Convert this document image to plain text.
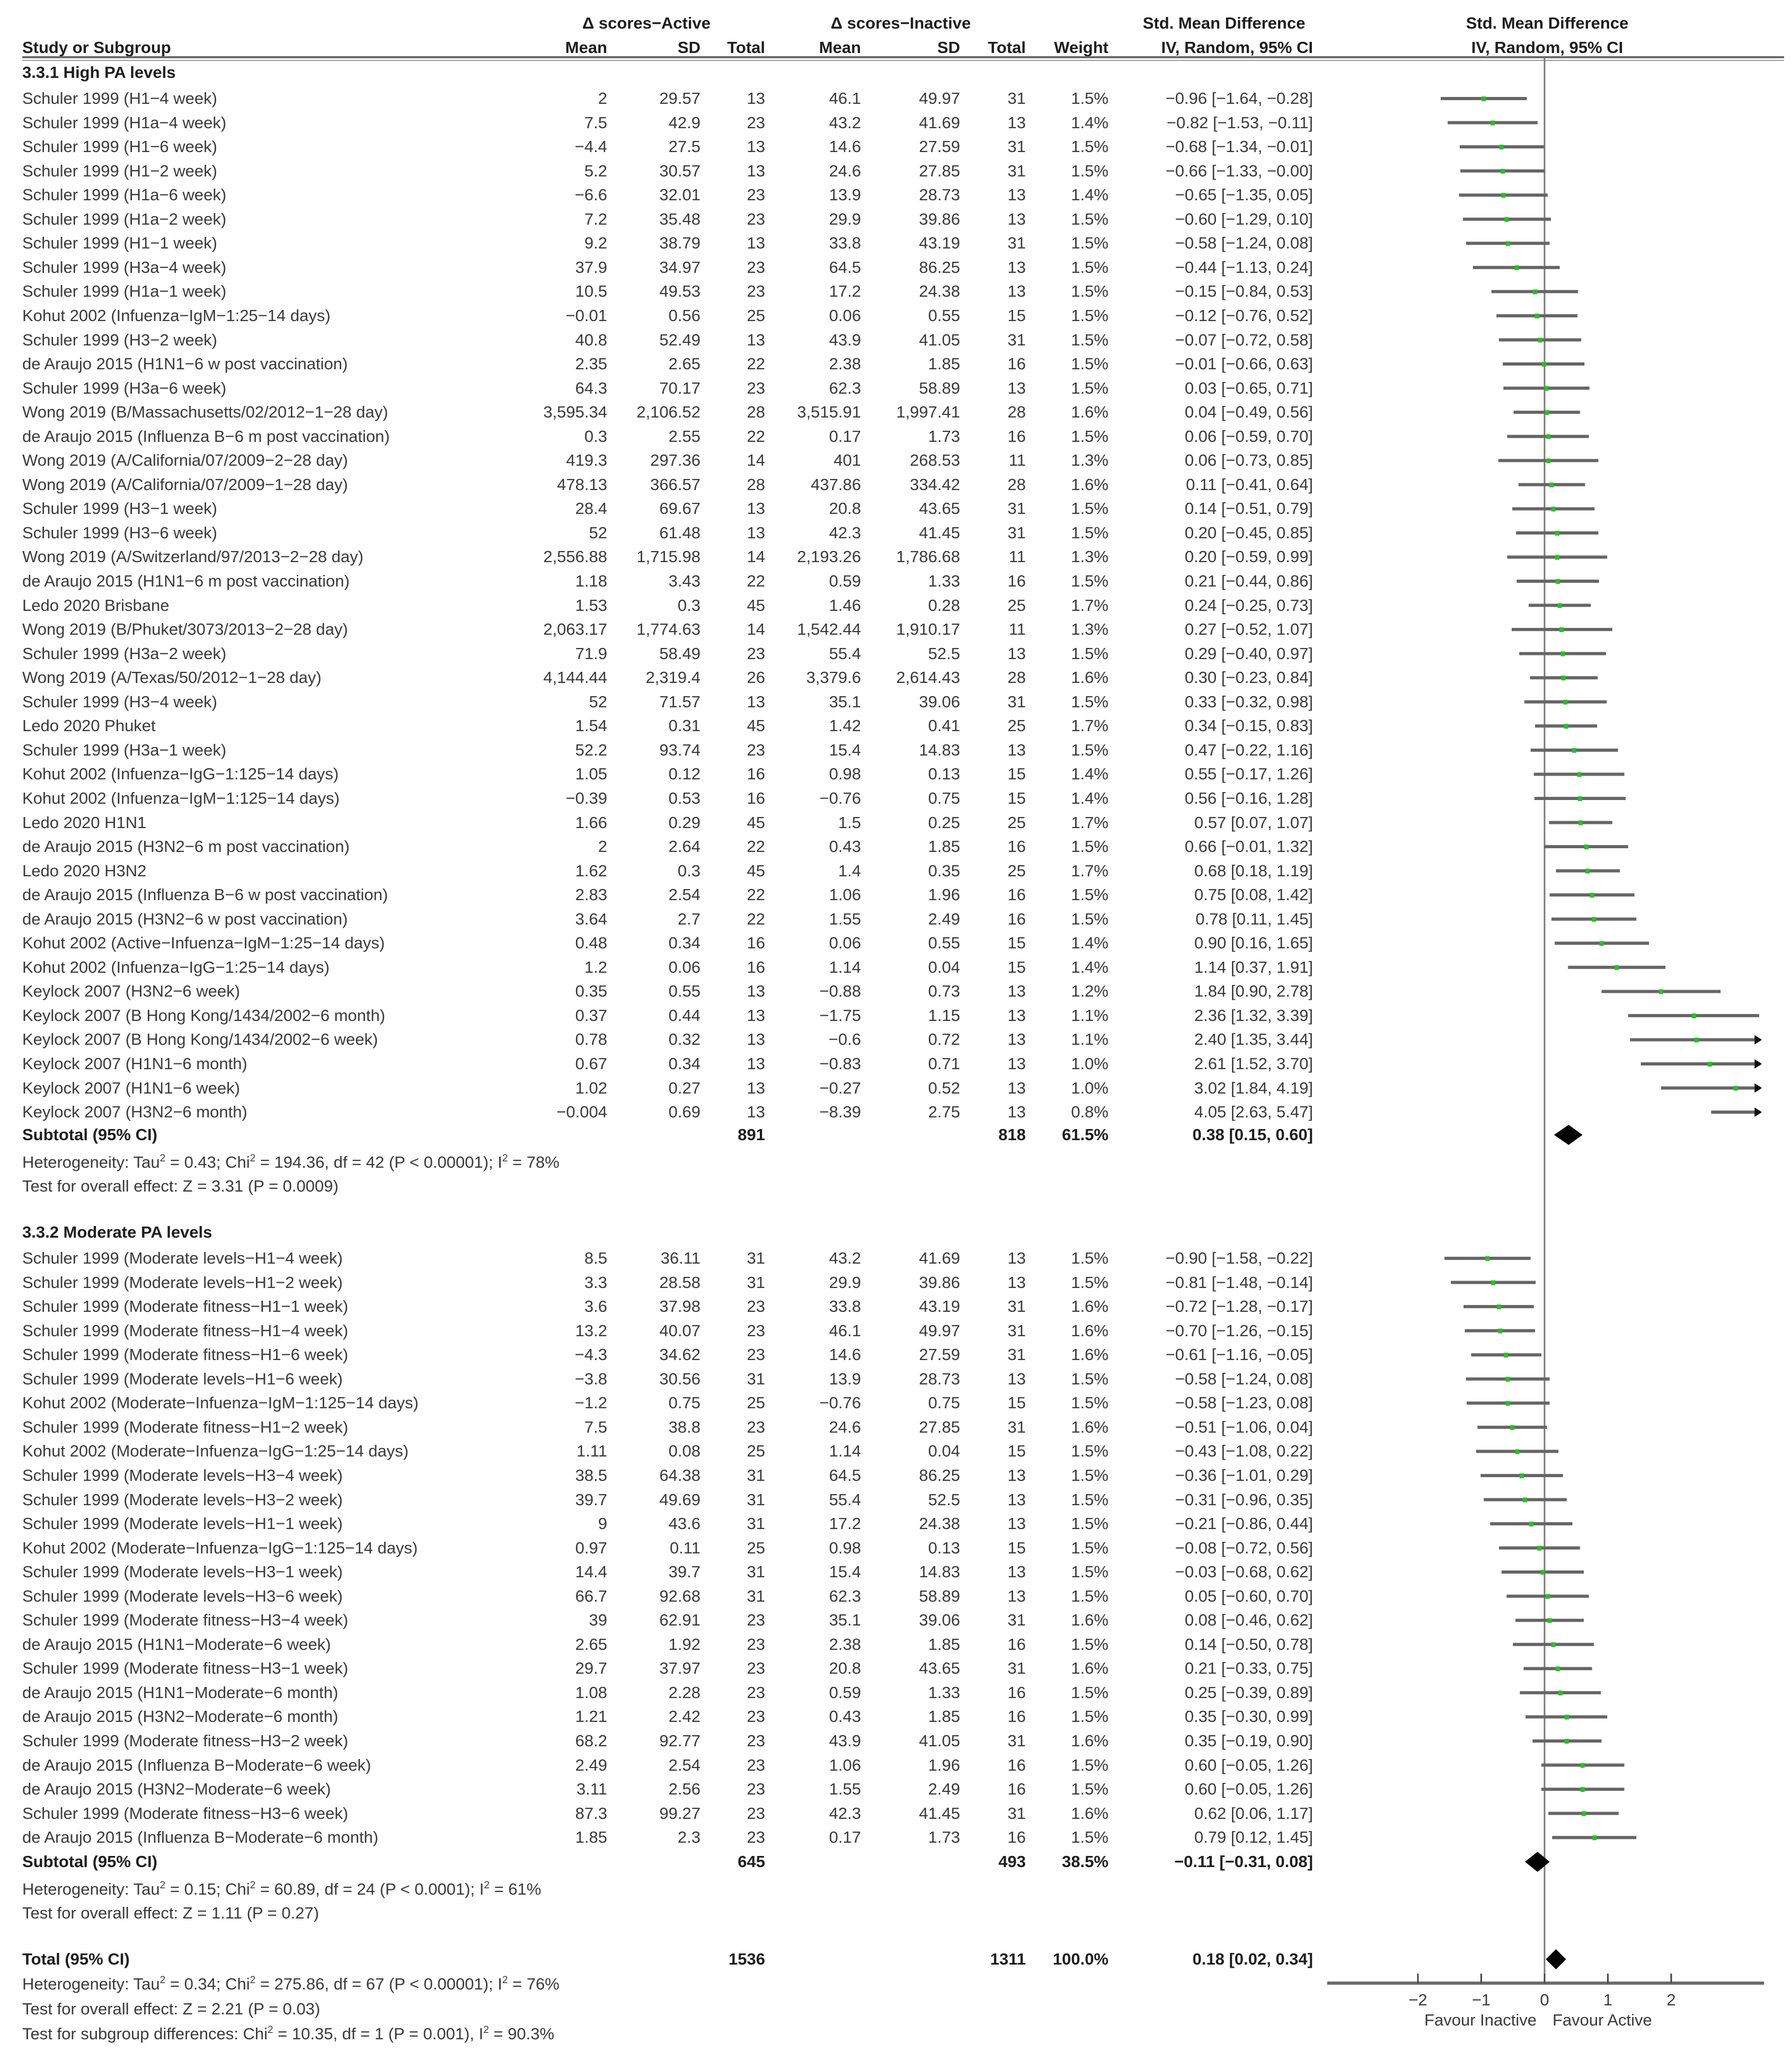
Δ scores−Active	Δ scores−Inactive	Std. Mean Difference	Std. Mean Difference
Study or Subgroup	Mean	SD	Total	Mean	SD	Total	Weight	IV, Random, 95% CI	IV, Random, 95% CI
3.3.1 High PA levels
Schuler 1999 (H1−4 week)	2	29.57	13	46.1	49.97	31	1.5%	−0.96 [−1.64, −0.28]
Schuler 1999 (H1a−4 week)	7.5	42.9	23	43.2	41.69	13	1.4%	−0.82 [−1.53, −0.11]
Schuler 1999 (H1−6 week)	−4.4	27.5	13	14.6	27.59	31	1.5%	−0.68 [−1.34, −0.01]
Schuler 1999 (H1−2 week)	5.2	30.57	13	24.6	27.85	31	1.5%	−0.66 [−1.33, −0.00]
Schuler 1999 (H1a−6 week)	−6.6	32.01	23	13.9	28.73	13	1.4%	−0.65 [−1.35, 0.05]
Schuler 1999 (H1a−2 week)	7.2	35.48	23	29.9	39.86	13	1.5%	−0.60 [−1.29, 0.10]
Schuler 1999 (H1−1 week)	9.2	38.79	13	33.8	43.19	31	1.5%	−0.58 [−1.24, 0.08]
Schuler 1999 (H3a−4 week)	37.9	34.97	23	64.5	86.25	13	1.5%	−0.44 [−1.13, 0.24]
Schuler 1999 (H1a−1 week)	10.5	49.53	23	17.2	24.38	13	1.5%	−0.15 [−0.84, 0.53]
Kohut 2002 (Infuenza−IgM−1:25−14 days)	−0.01	0.56	25	0.06	0.55	15	1.5%	−0.12 [−0.76, 0.52]
Schuler 1999 (H3−2 week)	40.8	52.49	13	43.9	41.05	31	1.5%	−0.07 [−0.72, 0.58]
de Araujo 2015 (H1N1−6 w post vaccination)	2.35	2.65	22	2.38	1.85	16	1.5%	−0.01 [−0.66, 0.63]
Schuler 1999 (H3a−6 week)	64.3	70.17	23	62.3	58.89	13	1.5%	0.03 [−0.65, 0.71]
Wong 2019 (B/Massachusetts/02/2012−1−28 day)	3,595.34	2,106.52	28	3,515.91	1,997.41	28	1.6%	0.04 [−0.49, 0.56]
de Araujo 2015 (Influenza B−6 m post vaccination)	0.3	2.55	22	0.17	1.73	16	1.5%	0.06 [−0.59, 0.70]
Wong 2019 (A/California/07/2009−2−28 day)	419.3	297.36	14	401	268.53	11	1.3%	0.06 [−0.73, 0.85]
Wong 2019 (A/California/07/2009−1−28 day)	478.13	366.57	28	437.86	334.42	28	1.6%	0.11 [−0.41, 0.64]
Schuler 1999 (H3−1 week)	28.4	69.67	13	20.8	43.65	31	1.5%	0.14 [−0.51, 0.79]
Schuler 1999 (H3−6 week)	52	61.48	13	42.3	41.45	31	1.5%	0.20 [−0.45, 0.85]
Wong 2019 (A/Switzerland/97/2013−2−28 day)	2,556.88	1,715.98	14	2,193.26	1,786.68	11	1.3%	0.20 [−0.59, 0.99]
de Araujo 2015 (H1N1−6 m post vaccination)	1.18	3.43	22	0.59	1.33	16	1.5%	0.21 [−0.44, 0.86]
Ledo 2020 Brisbane	1.53	0.3	45	1.46	0.28	25	1.7%	0.24 [−0.25, 0.73]
Wong 2019 (B/Phuket/3073/2013−2−28 day)	2,063.17	1,774.63	14	1,542.44	1,910.17	11	1.3%	0.27 [−0.52, 1.07]
Schuler 1999 (H3a−2 week)	71.9	58.49	23	55.4	52.5	13	1.5%	0.29 [−0.40, 0.97]
Wong 2019 (A/Texas/50/2012−1−28 day)	4,144.44	2,319.4	26	3,379.6	2,614.43	28	1.6%	0.30 [−0.23, 0.84]
Schuler 1999 (H3−4 week)	52	71.57	13	35.1	39.06	31	1.5%	0.33 [−0.32, 0.98]
Ledo 2020 Phuket	1.54	0.31	45	1.42	0.41	25	1.7%	0.34 [−0.15, 0.83]
Schuler 1999 (H3a−1 week)	52.2	93.74	23	15.4	14.83	13	1.5%	0.47 [−0.22, 1.16]
Kohut 2002 (Infuenza−IgG−1:125−14 days)	1.05	0.12	16	0.98	0.13	15	1.4%	0.55 [−0.17, 1.26]
Kohut 2002 (Infuenza−IgM−1:125−14 days)	−0.39	0.53	16	−0.76	0.75	15	1.4%	0.56 [−0.16, 1.28]
Ledo 2020 H1N1	1.66	0.29	45	1.5	0.25	25	1.7%	0.57 [0.07, 1.07]
de Araujo 2015 (H3N2−6 m post vaccination)	2	2.64	22	0.43	1.85	16	1.5%	0.66 [−0.01, 1.32]
Ledo 2020 H3N2	1.62	0.3	45	1.4	0.35	25	1.7%	0.68 [0.18, 1.19]
de Araujo 2015 (Influenza B−6 w post vaccination)	2.83	2.54	22	1.06	1.96	16	1.5%	0.75 [0.08, 1.42]
de Araujo 2015 (H3N2−6 w post vaccination)	3.64	2.7	22	1.55	2.49	16	1.5%	0.78 [0.11, 1.45]
Kohut 2002 (Active−Infuenza−IgM−1:25−14 days)	0.48	0.34	16	0.06	0.55	15	1.4%	0.90 [0.16, 1.65]
Kohut 2002 (Infuenza−IgG−1:25−14 days)	1.2	0.06	16	1.14	0.04	15	1.4%	1.14 [0.37, 1.91]
Keylock 2007 (H3N2−6 week)	0.35	0.55	13	−0.88	0.73	13	1.2%	1.84 [0.90, 2.78]
Keylock 2007 (B Hong Kong/1434/2002−6 month)	0.37	0.44	13	−1.75	1.15	13	1.1%	2.36 [1.32, 3.39]
Keylock 2007 (B Hong Kong/1434/2002−6 week)	0.78	0.32	13	−0.6	0.72	13	1.1%	2.40 [1.35, 3.44]
Keylock 2007 (H1N1−6 month)	0.67	0.34	13	−0.83	0.71	13	1.0%	2.61 [1.52, 3.70]
Keylock 2007 (H1N1−6 week)	1.02	0.27	13	−0.27	0.52	13	1.0%	3.02 [1.84, 4.19]
Keylock 2007 (H3N2−6 month)	−0.004	0.69	13	−8.39	2.75	13	0.8%	4.05 [2.63, 5.47]
Subtotal (95% CI)	891	818	61.5%	0.38 [0.15, 0.60]
Heterogeneity: Tau$^2$ = 0.43; Chi$^2$ = 194.36, df = 42 (P < 0.00001); $I^2 = 78\%$
Test for overall effect: Z = 3.31 (P = 0.0009)
3.3.2 Moderate PA levels
Schuler 1999 (Moderate levels−H1−4 week)	8.5	36.11	31	43.2	41.69	13	1.5%	−0.90 [−1.58, −0.22]
Schuler 1999 (Moderate levels−H1−2 week)	3.3	28.58	31	29.9	39.86	13	1.5%	−0.81 [−1.48, −0.14]
Schuler 1999 (Moderate fitness−H1−1 week)	3.6	37.98	23	33.8	43.19	31	1.6%	−0.72 [−1.28, −0.17]
Schuler 1999 (Moderate fitness−H1−4 week)	13.2	40.07	23	46.1	49.97	31	1.6%	−0.70 [−1.26, −0.15]
Schuler 1999 (Moderate fitness−H1−6 week)	−4.3	34.62	23	14.6	27.59	31	1.6%	−0.61 [−1.16, −0.05]
Schuler 1999 (Moderate levels−H1−6 week)	−3.8	30.56	31	13.9	28.73	13	1.5%	−0.58 [−1.24, 0.08]
Kohut 2002 (Moderate−Infuenza−IgM−1:125−14 days)	−1.2	0.75	25	−0.76	0.75	15	1.5%	−0.58 [−1.23, 0.08]
Schuler 1999 (Moderate fitness−H1−2 week)	7.5	38.8	23	24.6	27.85	31	1.6%	−0.51 [−1.06, 0.04]
Kohut 2002 (Moderate−Infuenza−IgG−1:25−14 days)	1.11	0.08	25	1.14	0.04	15	1.5%	−0.43 [−1.08, 0.22]
Schuler 1999 (Moderate levels−H3−4 week)	38.5	64.38	31	64.5	86.25	13	1.5%	−0.36 [−1.01, 0.29]
Schuler 1999 (Moderate levels−H3−2 week)	39.7	49.69	31	55.4	52.5	13	1.5%	−0.31 [−0.96, 0.35]
Schuler 1999 (Moderate levels−H1−1 week)	9	43.6	31	17.2	24.38	13	1.5%	−0.21 [−0.86, 0.44]
Kohut 2002 (Moderate−Infuenza−IgG−1:125−14 days)	0.97	0.11	25	0.98	0.13	15	1.5%	−0.08 [−0.72, 0.56]
Schuler 1999 (Moderate levels−H3−1 week)	14.4	39.7	31	15.4	14.83	13	1.5%	−0.03 [−0.68, 0.62]
Schuler 1999 (Moderate levels−H3−6 week)	66.7	92.68	31	62.3	58.89	13	1.5%	0.05 [−0.60, 0.70]
Schuler 1999 (Moderate fitness−H3−4 week)	39	62.91	23	35.1	39.06	31	1.6%	0.08 [−0.46, 0.62]
de Araujo 2015 (H1N1−Moderate−6 week)	2.65	1.92	23	2.38	1.85	16	1.5%	0.14 [−0.50, 0.78]
Schuler 1999 (Moderate fitness−H3−1 week)	29.7	37.97	23	20.8	43.65	31	1.6%	0.21 [−0.33, 0.75]
de Araujo 2015 (H1N1−Moderate−6 month)	1.08	2.28	23	0.59	1.33	16	1.5%	0.25 [−0.39, 0.89]
de Araujo 2015 (H3N2−Moderate−6 month)	1.21	2.42	23	0.43	1.85	16	1.5%	0.35 [−0.30, 0.99]
Schuler 1999 (Moderate fitness−H3−2 week)	68.2	92.77	23	43.9	41.05	31	1.6%	0.35 [−0.19, 0.90]
de Araujo 2015 (Influenza B−Moderate−6 week)	2.49	2.54	23	1.06	1.96	16	1.5%	0.60 [−0.05, 1.26]
de Araujo 2015 (H3N2−Moderate−6 week)	3.11	2.56	23	1.55	2.49	16	1.5%	0.60 [−0.05, 1.26]
Schuler 1999 (Moderate fitness−H3−6 week)	87.3	99.27	23	42.3	41.45	31	1.6%	0.62 [0.06, 1.17]
de Araujo 2015 (Influenza B−Moderate−6 month)	1.85	2.3	23	0.17	1.73	16	1.5%	0.79 [0.12, 1.45]
Subtotal (95% CI)	645	493	38.5%	−0.11 [−0.31, 0.08]
Heterogeneity: Tau$^2$ = 0.15; Chi$^2$ = 60.89, df = 24 (P < 0.0001); $I^2 = 61\%$
Test for overall effect: Z = 1.11 (P = 0.27)
Total (95% CI)	1536	1311	100.0%	0.18 [0.02, 0.34]
Heterogeneity: Tau$^2$ = 0.34; Chi$^2$ = 275.86, df = 67 (P < 0.00001); $I^2 = 76\%$
Test for overall effect: Z = 2.21 (P = 0.03)
Test for subgroup differences: Chi$^2$ = 10.35, df = 1 (P = 0.001), $I^2 = 90.3\%$
−2	−1	0	1	2
Favour Inactive Favour Active
